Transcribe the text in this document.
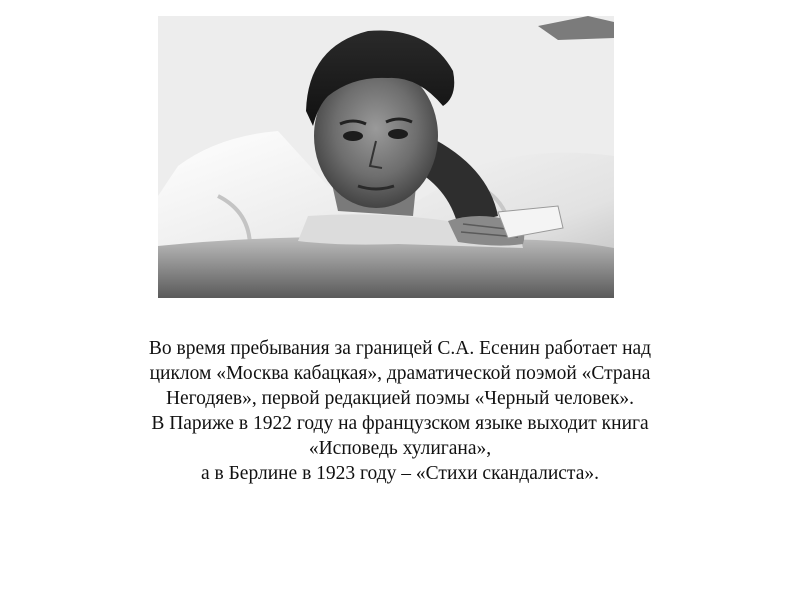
Во время пребывания за границей С.А. Есенин работает над
циклом «Москва кабацкая», драматической поэмой «Страна
Негодяев», первой редакцией поэмы «Черный человек».
В Париже в 1922 году на французском языке выходит книга
«Исповедь хулигана»,
а в Берлине в 1923 году – «Стихи скандалиста».
